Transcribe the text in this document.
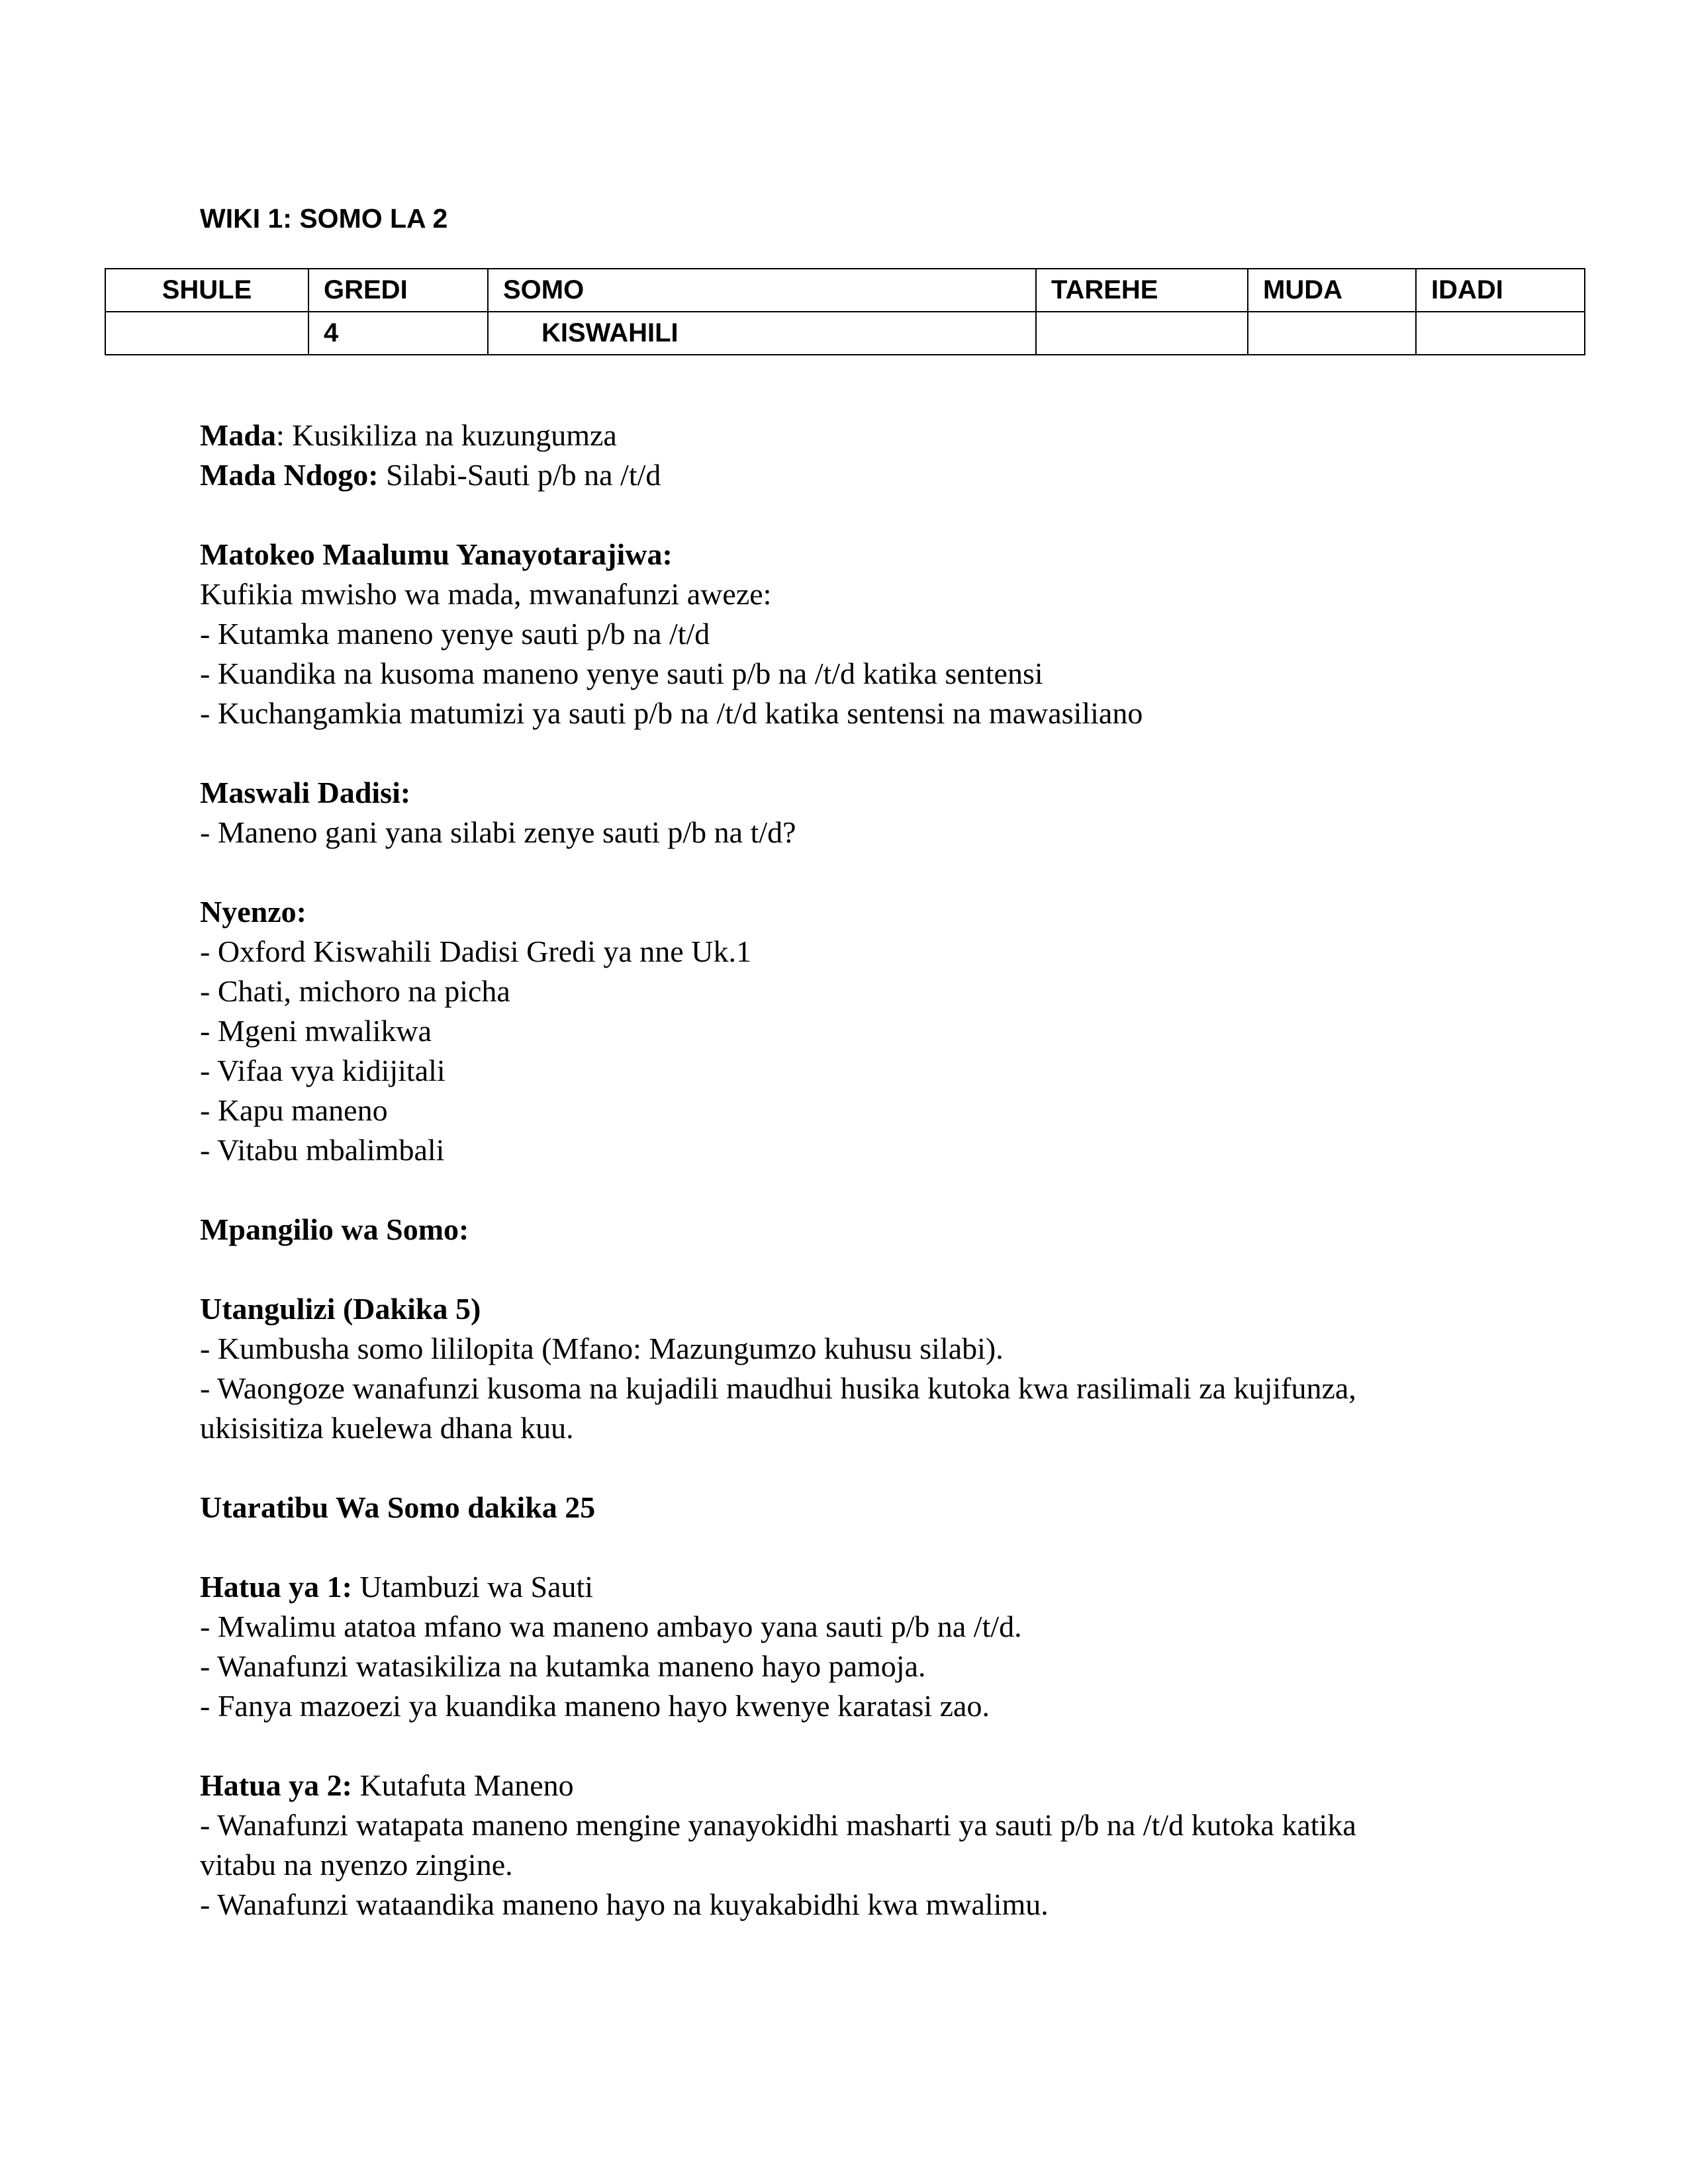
WIKI 1: SOMO LA 2
SHULE	GREDI	SOMO	TAREHE	MUDA	IDADI
	4	KISWAHILI			
Mada: Kusikiliza na kuzungumza
Mada Ndogo: Silabi-Sauti p/b na /t/d
Matokeo Maalumu Yanayotarajiwa:
Kufikia mwisho wa mada, mwanafunzi aweze:
- Kutamka maneno yenye sauti p/b na /t/d
- Kuandika na kusoma maneno yenye sauti p/b na /t/d katika sentensi
- Kuchangamkia matumizi ya sauti p/b na /t/d katika sentensi na mawasiliano
Maswali Dadisi:
- Maneno gani yana silabi zenye sauti p/b na t/d?
Nyenzo:
- Oxford Kiswahili Dadisi Gredi ya nne Uk.1
- Chati, michoro na picha
- Mgeni mwalikwa
- Vifaa vya kidijitali
- Kapu maneno
- Vitabu mbalimbali
Mpangilio wa Somo:
Utangulizi (Dakika 5)
- Kumbusha somo lililopita (Mfano: Mazungumzo kuhusu silabi).
- Waongoze wanafunzi kusoma na kujadili maudhui husika kutoka kwa rasilimali za kujifunza,
ukisisitiza kuelewa dhana kuu.
Utaratibu Wa Somo dakika 25
Hatua ya 1: Utambuzi wa Sauti
- Mwalimu atatoa mfano wa maneno ambayo yana sauti p/b na /t/d.
- Wanafunzi watasikiliza na kutamka maneno hayo pamoja.
- Fanya mazoezi ya kuandika maneno hayo kwenye karatasi zao.
Hatua ya 2: Kutafuta Maneno
- Wanafunzi watapata maneno mengine yanayokidhi masharti ya sauti p/b na /t/d kutoka katika
vitabu na nyenzo zingine.
- Wanafunzi wataandika maneno hayo na kuyakabidhi kwa mwalimu.
